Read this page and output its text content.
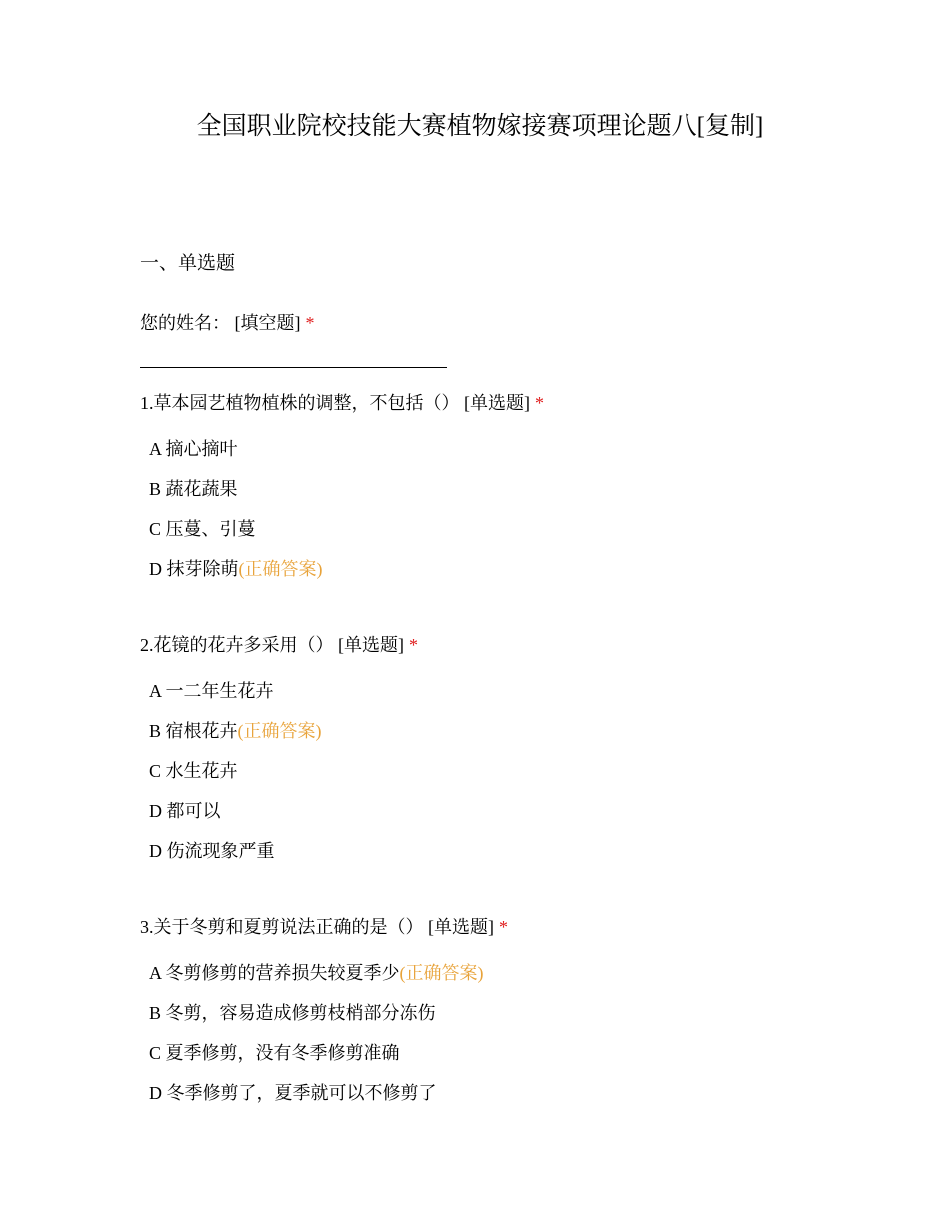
全国职业院校技能大赛植物嫁接赛项理论题八[复制]
一、单选题
您的姓名： [填空题] *
1.草本园艺植物植株的调整，不包括（） [单选题] *
A 摘心摘叶
B 蔬花蔬果
C 压蔓、引蔓
D 抹芽除萌(正确答案)
2.花镜的花卉多采用（） [单选题] *
A 一二年生花卉
B 宿根花卉(正确答案)
C 水生花卉
D 都可以
D 伤流现象严重
3.关于冬剪和夏剪说法正确的是（） [单选题] *
A 冬剪修剪的营养损失较夏季少(正确答案)
B 冬剪，容易造成修剪枝梢部分冻伤
C 夏季修剪，没有冬季修剪准确
D 冬季修剪了，夏季就可以不修剪了
